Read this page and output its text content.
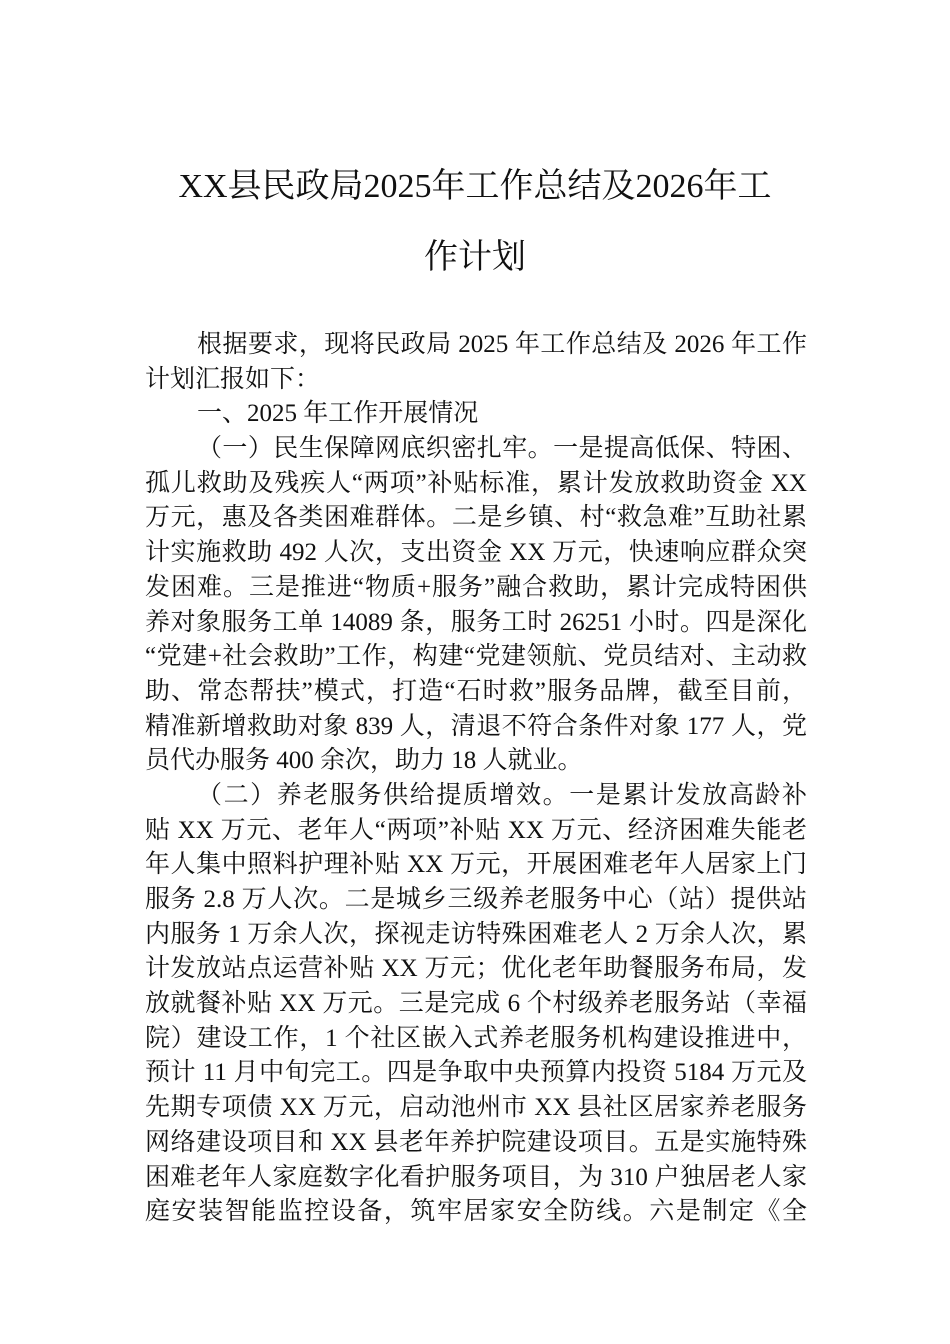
XX县民政局2025年工作总结及2026年工
作计划
根据要求，现将民政局 2025 年工作总结及 2026 年工作
计划汇报如下：
一、2025 年工作开展情况
（一）民生保障网底织密扎牢。一是提高低保、特困、
孤儿救助及残疾人“两项”补贴标准，累计发放救助资金 XX
万元，惠及各类困难群体。二是乡镇、村“救急难”互助社累
计实施救助 492 人次，支出资金 XX 万元，快速响应群众突
发困难。三是推进“物质+服务”融合救助，累计完成特困供
养对象服务工单 14089 条，服务工时 26251 小时。四是深化
“党建+社会救助”工作，构建“党建领航、党员结对、主动救
助、常态帮扶”模式，打造“石时救”服务品牌，截至目前，
精准新增救助对象 839 人，清退不符合条件对象 177 人，党
员代办服务 400 余次，助力 18 人就业。
（二）养老服务供给提质增效。一是累计发放高龄补
贴 XX 万元、老年人“两项”补贴 XX 万元、经济困难失能老
年人集中照料护理补贴 XX 万元，开展困难老年人居家上门
服务 2.8 万人次。二是城乡三级养老服务中心（站）提供站
内服务 1 万余人次，探视走访特殊困难老人 2 万余人次，累
计发放站点运营补贴 XX 万元；优化老年助餐服务布局，发
放就餐补贴 XX 万元。三是完成 6 个村级养老服务站（幸福
院）建设工作，1 个社区嵌入式养老服务机构建设推进中，
预计 11 月中旬完工。四是争取中央预算内投资 5184 万元及
先期专项债 XX 万元，启动池州市 XX 县社区居家养老服务
网络建设项目和 XX 县老年养护院建设项目。五是实施特殊
困难老年人家庭数字化看护服务项目，为 310 户独居老人家
庭安装智能监控设备，筑牢居家安全防线。六是制定《全
